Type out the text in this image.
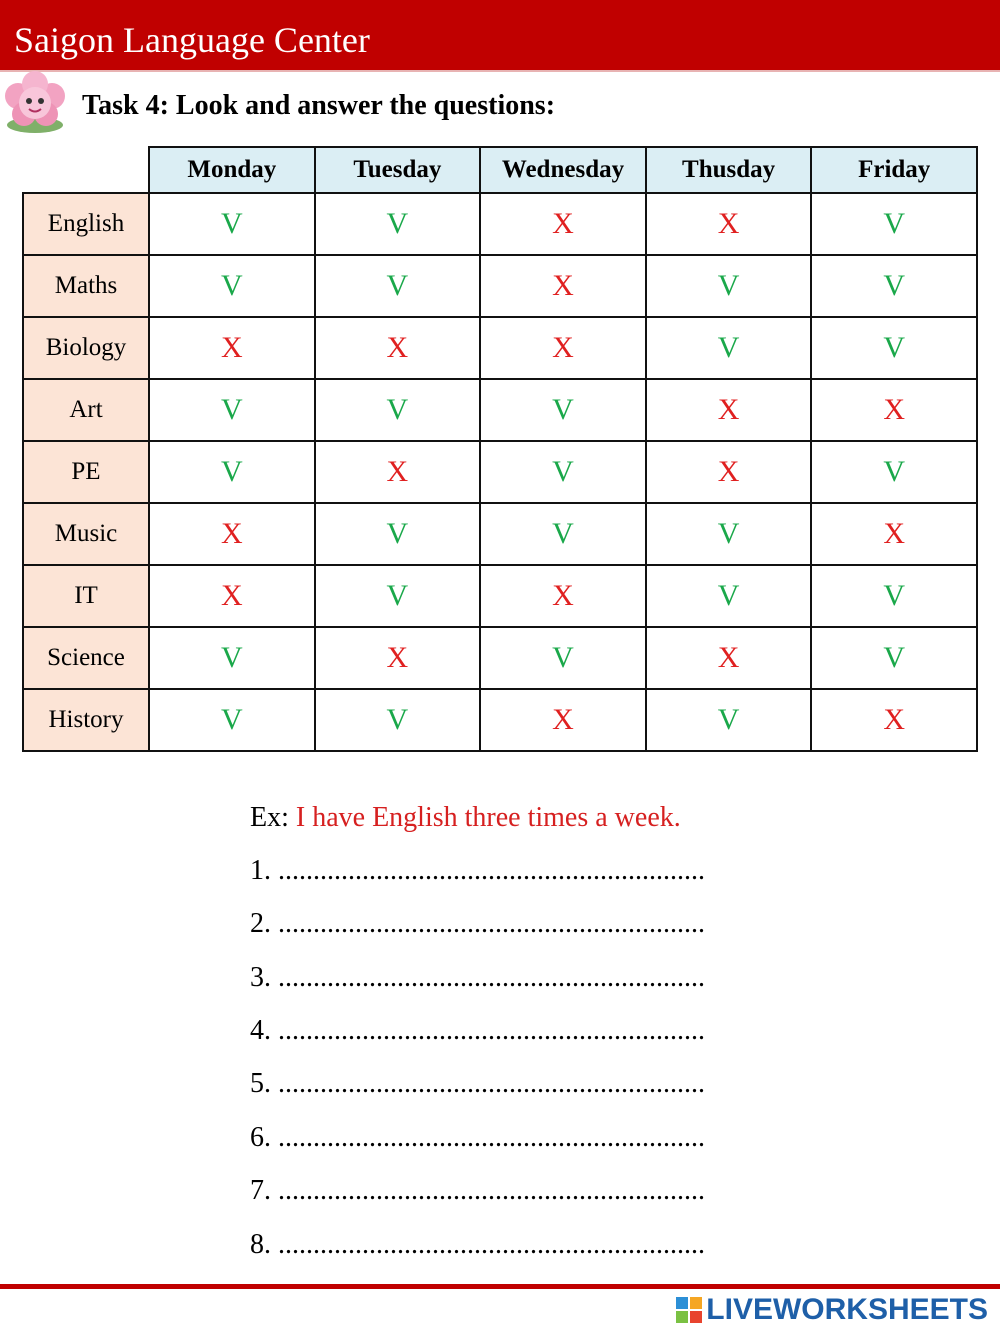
Saigon Language Center
Task 4: Look and answer the questions:
	Monday	Tuesday	Wednesday	Thusday	Friday
English	V	V	X	X	V
Maths	V	V	X	V	V
Biology	X	X	X	V	V
Art	V	V	V	X	X
PE	V	X	V	X	V
Music	X	V	V	V	X
IT	X	V	X	V	V
Science	V	X	V	X	V
History	V	V	X	V	X
Ex: I have English three times a week.
1. .............................................................
2. .............................................................
3. .............................................................
4. .............................................................
5. .............................................................
6. .............................................................
7. .............................................................
8. .............................................................
LIVEWORKSHEETS
